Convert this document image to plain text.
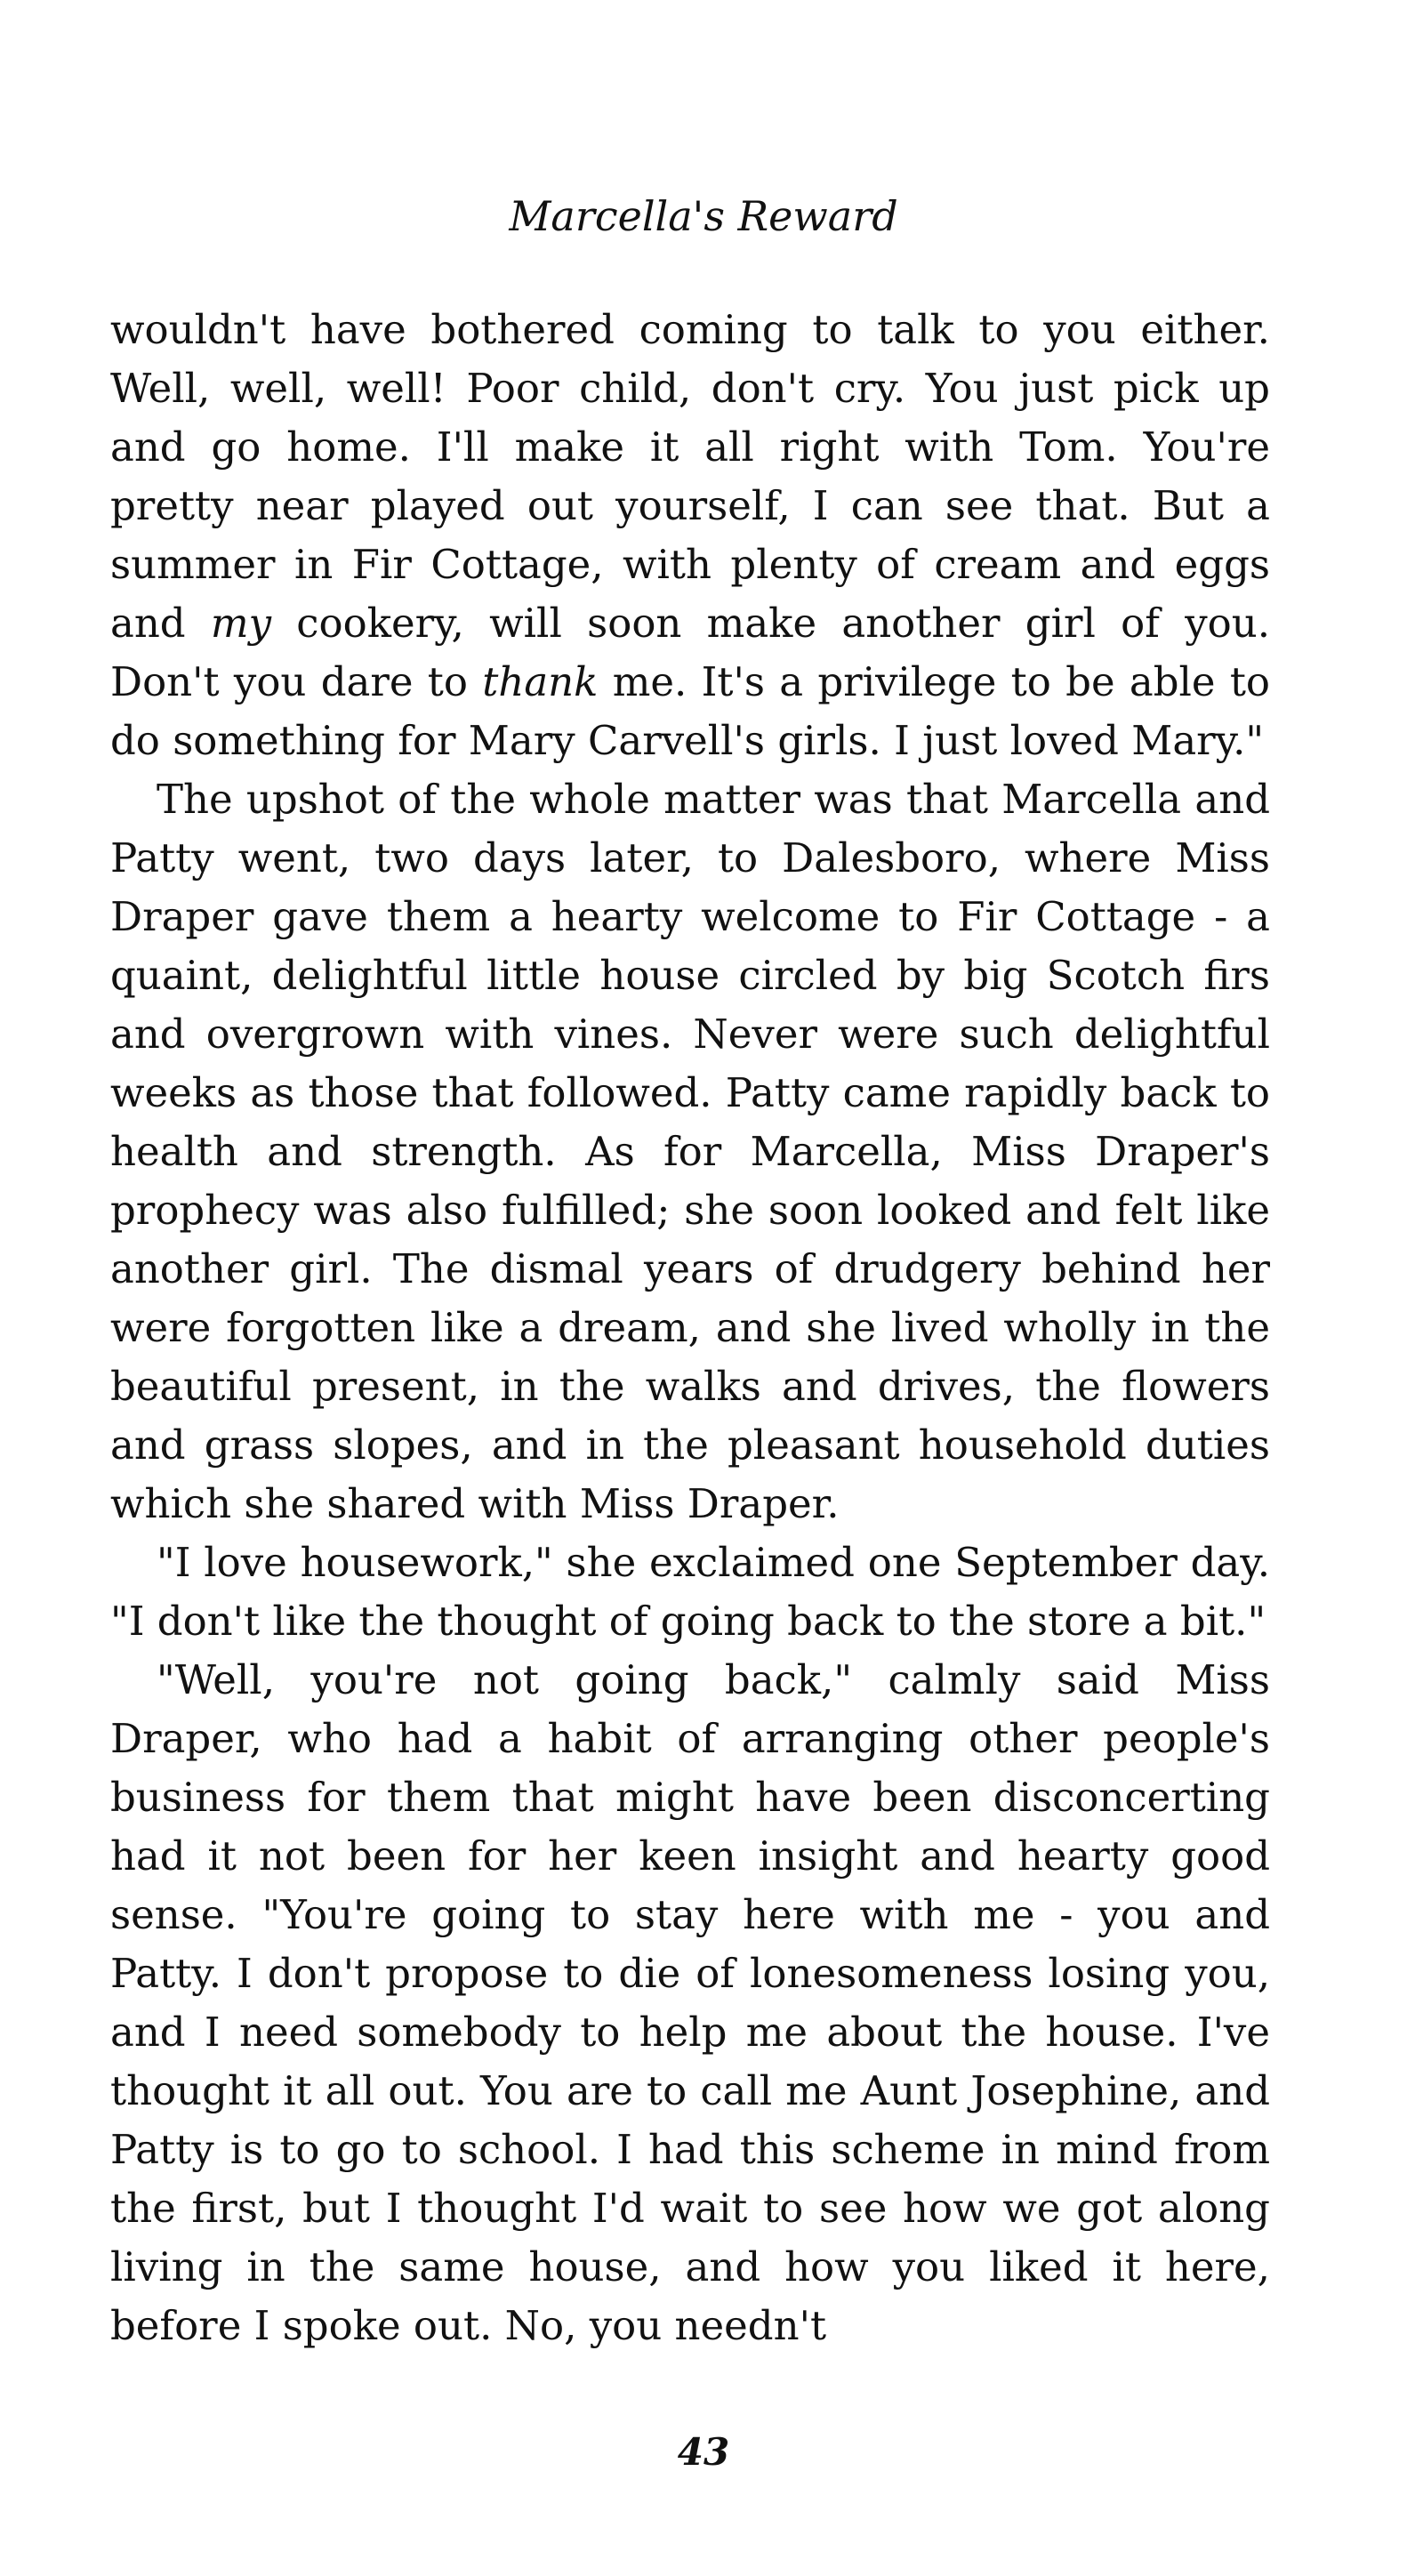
Marcella's Reward

wouldn't have bothered coming to talk to you either. Well, well, well! Poor child, don't cry. You just pick up and go home. I'll make it all right with Tom. You're pretty near played out yourself, I can see that. But a summer in Fir Cottage, with plenty of cream and eggs and my cookery, will soon make another girl of you. Don't you dare to thank me. It's a privilege to be able to do something for Mary Carvell's girls. I just loved Mary."

The upshot of the whole matter was that Marcella and Patty went, two days later, to Dalesboro, where Miss Draper gave them a hearty welcome to Fir Cottage - a quaint, delightful little house circled by big Scotch firs and overgrown with vines. Never were such delightful weeks as those that followed. Patty came rapidly back to health and strength. As for Marcella, Miss Draper's prophecy was also fulfilled; she soon looked and felt like another girl. The dismal years of drudgery behind her were forgotten like a dream, and she lived wholly in the beautiful present, in the walks and drives, the flowers and grass slopes, and in the pleasant household duties which she shared with Miss Draper.

"I love housework," she exclaimed one September day. "I don't like the thought of going back to the store a bit."

"Well, you're not going back," calmly said Miss Draper, who had a habit of arranging other people's business for them that might have been disconcerting had it not been for her keen insight and hearty good sense. "You're going to stay here with me - you and Patty. I don't propose to die of lonesomeness losing you, and I need somebody to help me about the house. I've thought it all out. You are to call me Aunt Josephine, and Patty is to go to school. I had this scheme in mind from the first, but I thought I'd wait to see how we got along living in the same house, and how you liked it here, before I spoke out. No, you needn't

43
